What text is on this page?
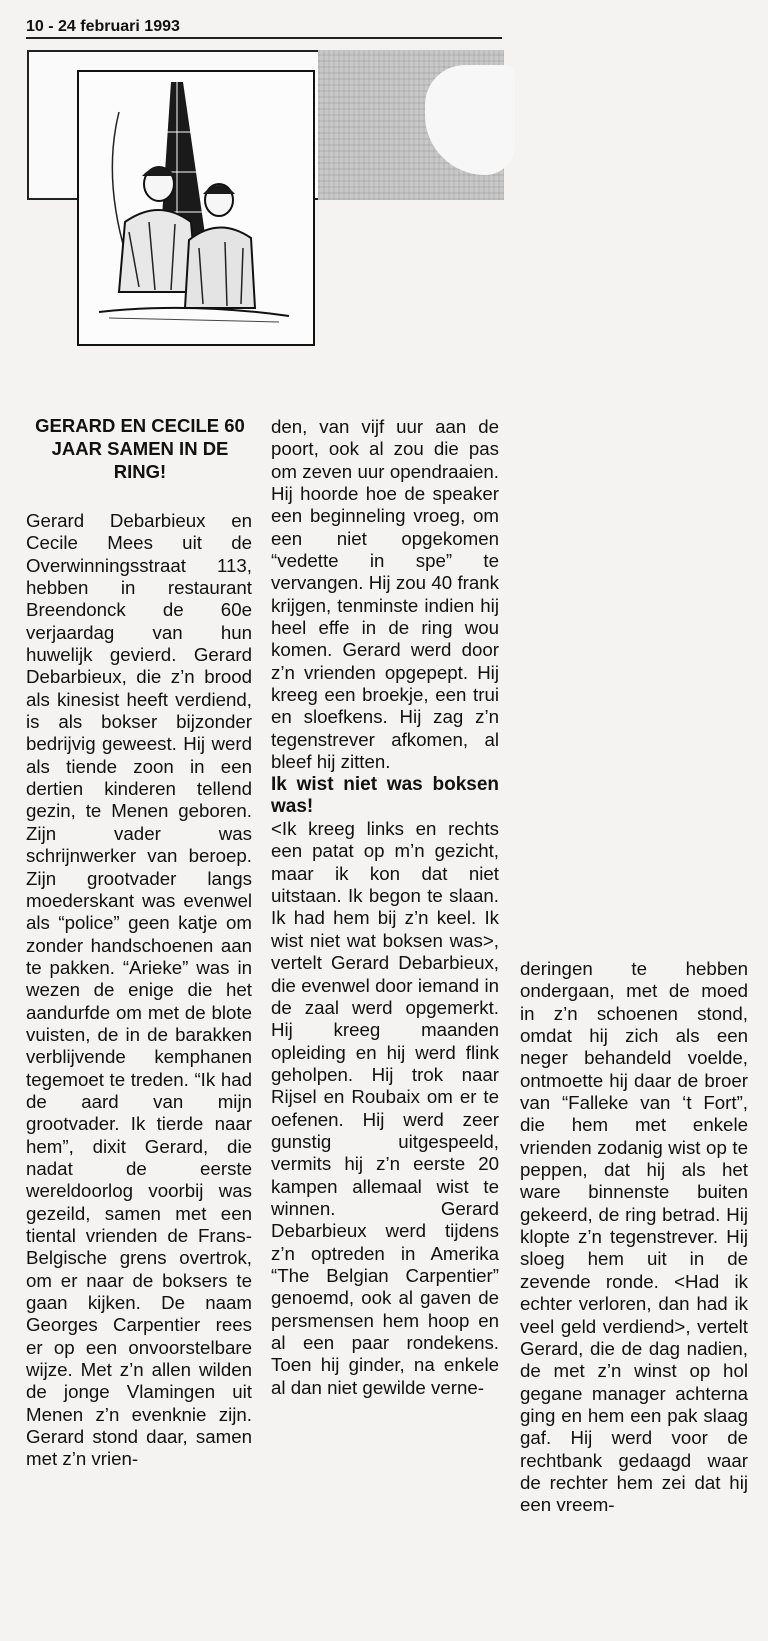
10 - 24 februari 1993
GERARD EN CECILE 60 JAAR SAMEN IN DE RING!

Gerard Debarbieux en Cecile Mees uit de Overwinningsstraat 113, hebben in restaurant Breendonck de 60e verjaardag van hun huwelijk gevierd. Gerard Debarbieux, die z’n brood als kinesist heeft verdiend, is als bokser bijzonder bedrijvig geweest. Hij werd als tiende zoon in een dertien kinderen tellend gezin, te Menen geboren. Zijn vader was schrijnwerker van beroep. Zijn grootvader langs moederskant was evenwel als “police” geen katje om zonder handschoenen aan te pakken. “Arieke” was in wezen de enige die het aandurfde om met de blote vuisten, de in de barakken verblijvende kemphanen tegemoet te treden. “Ik had de aard van mijn grootvader. Ik tierde naar hem”, dixit Gerard, die nadat de eerste wereldoorlog voorbij was gezeild, samen met een tiental vrienden de Frans-Belgische grens overtrok, om er naar de boksers te gaan kijken. De naam Georges Carpentier rees er op een onvoorstelbare wijze. Met z’n allen wilden de jonge Vlamingen uit Menen z’n evenknie zijn. Gerard stond daar, samen met z’n vrien-

den, van vijf uur aan de poort, ook al zou die pas om zeven uur opendraaien. Hij hoorde hoe de speaker een beginneling vroeg, om een niet opgekomen “vedette in spe” te vervangen. Hij zou 40 frank krijgen, tenminste indien hij heel effe in de ring wou komen. Gerard werd door z’n vrienden opgepept. Hij kreeg een broekje, een trui en sloefkens. Hij zag z’n tegenstrever afkomen, al bleef hij zitten.

Ik wist niet was boksen was!

<Ik kreeg links en rechts een patat op m’n gezicht, maar ik kon dat niet uitstaan. Ik begon te slaan. Ik had hem bij z’n keel. Ik wist niet wat boksen was>, vertelt Gerard Debarbieux, die evenwel door iemand in de zaal werd opgemerkt. Hij kreeg maanden opleiding en hij werd flink geholpen. Hij trok naar Rijsel en Roubaix om er te oefenen. Hij werd zeer gunstig uitgespeeld, vermits hij z’n eerste 20 kampen allemaal wist te winnen. Gerard Debarbieux werd tijdens z’n optreden in Amerika “The Belgian Carpentier” genoemd, ook al gaven de persmensen hem hoop en al een paar rondekens. Toen hij ginder, na enkele al dan niet gewilde verne-

deringen te hebben ondergaan, met de moed in z’n schoenen stond, omdat hij zich als een neger behandeld voelde, ontmoette hij daar de broer van “Falleke van ‘t Fort”, die hem met enkele vrienden zodanig wist op te peppen, dat hij als het ware binnenste buiten gekeerd, de ring betrad. Hij klopte z’n tegenstrever. Hij sloeg hem uit in de zevende ronde. <Had ik echter verloren, dan had ik veel geld verdiend>, vertelt Gerard, die de dag nadien, de met z’n winst op hol gegane manager achterna ging en hem een pak slaag gaf. Hij werd voor de rechtbank gedaagd waar de rechter hem zei dat hij een vreem-
